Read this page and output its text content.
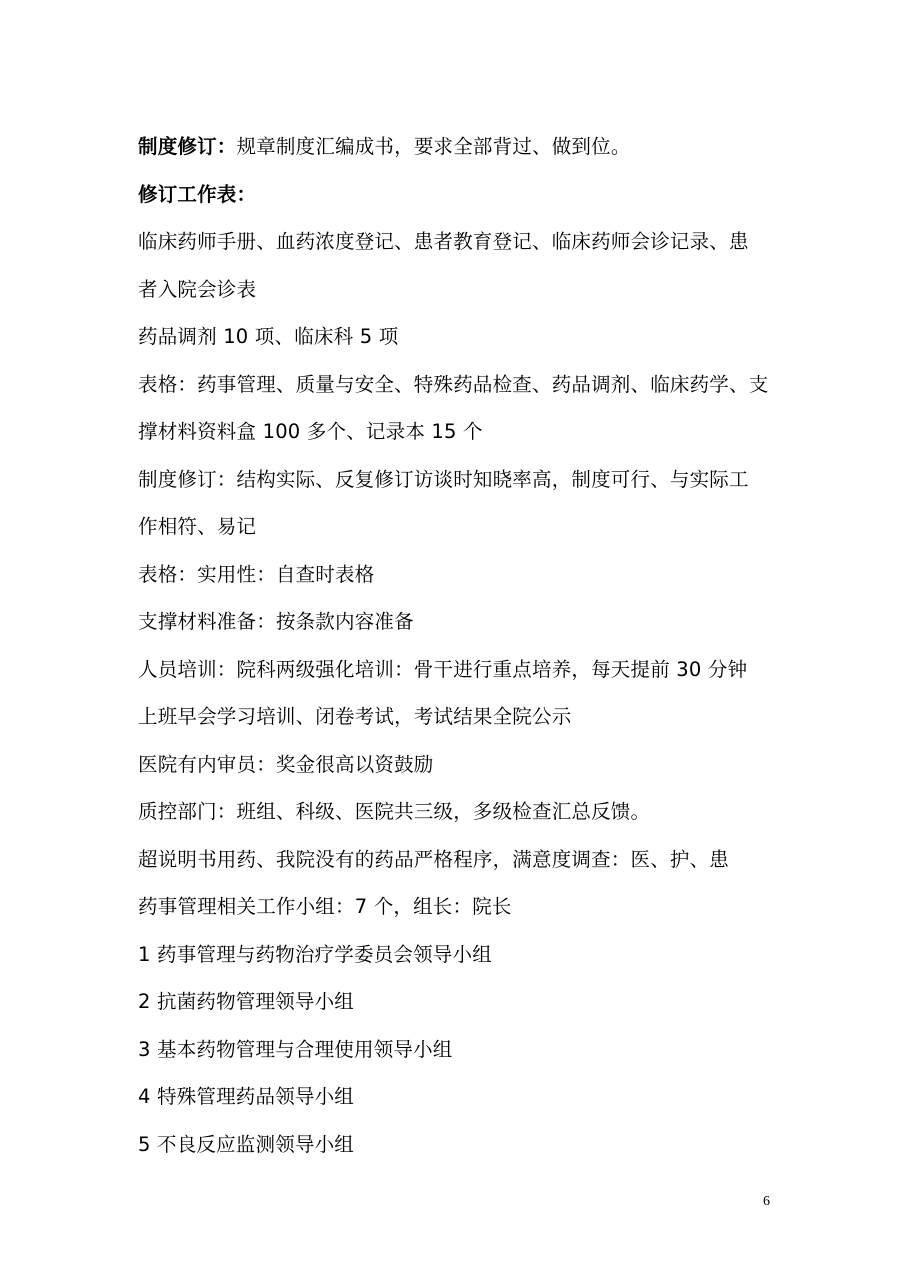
制度修订：规章制度汇编成书，要求全部背过、做到位。

修订工作表：

临床药师手册、血药浓度登记、患者教育登记、临床药师会诊记录、患

者入院会诊表

药品调剂 10 项、临床科 5 项

表格：药事管理、质量与安全、特殊药品检查、药品调剂、临床药学、支

撑材料资料盒 100 多个、记录本 15 个

制度修订：结构实际、反复修订访谈时知晓率高，制度可行、与实际工

作相符、易记

表格：实用性：自查时表格

支撑材料准备：按条款内容准备

人员培训：院科两级强化培训：骨干进行重点培养，每天提前 30 分钟

上班早会学习培训、闭卷考试，考试结果全院公示

医院有内审员：奖金很高以资鼓励

质控部门：班组、科级、医院共三级，多级检查汇总反馈。

超说明书用药、我院没有的药品严格程序，满意度调查：医、护、患

药事管理相关工作小组：7 个，组长：院长

1 药事管理与药物治疗学委员会领导小组

2 抗菌药物管理领导小组

3 基本药物管理与合理使用领导小组

4 特殊管理药品领导小组

5 不良反应监测领导小组

6
